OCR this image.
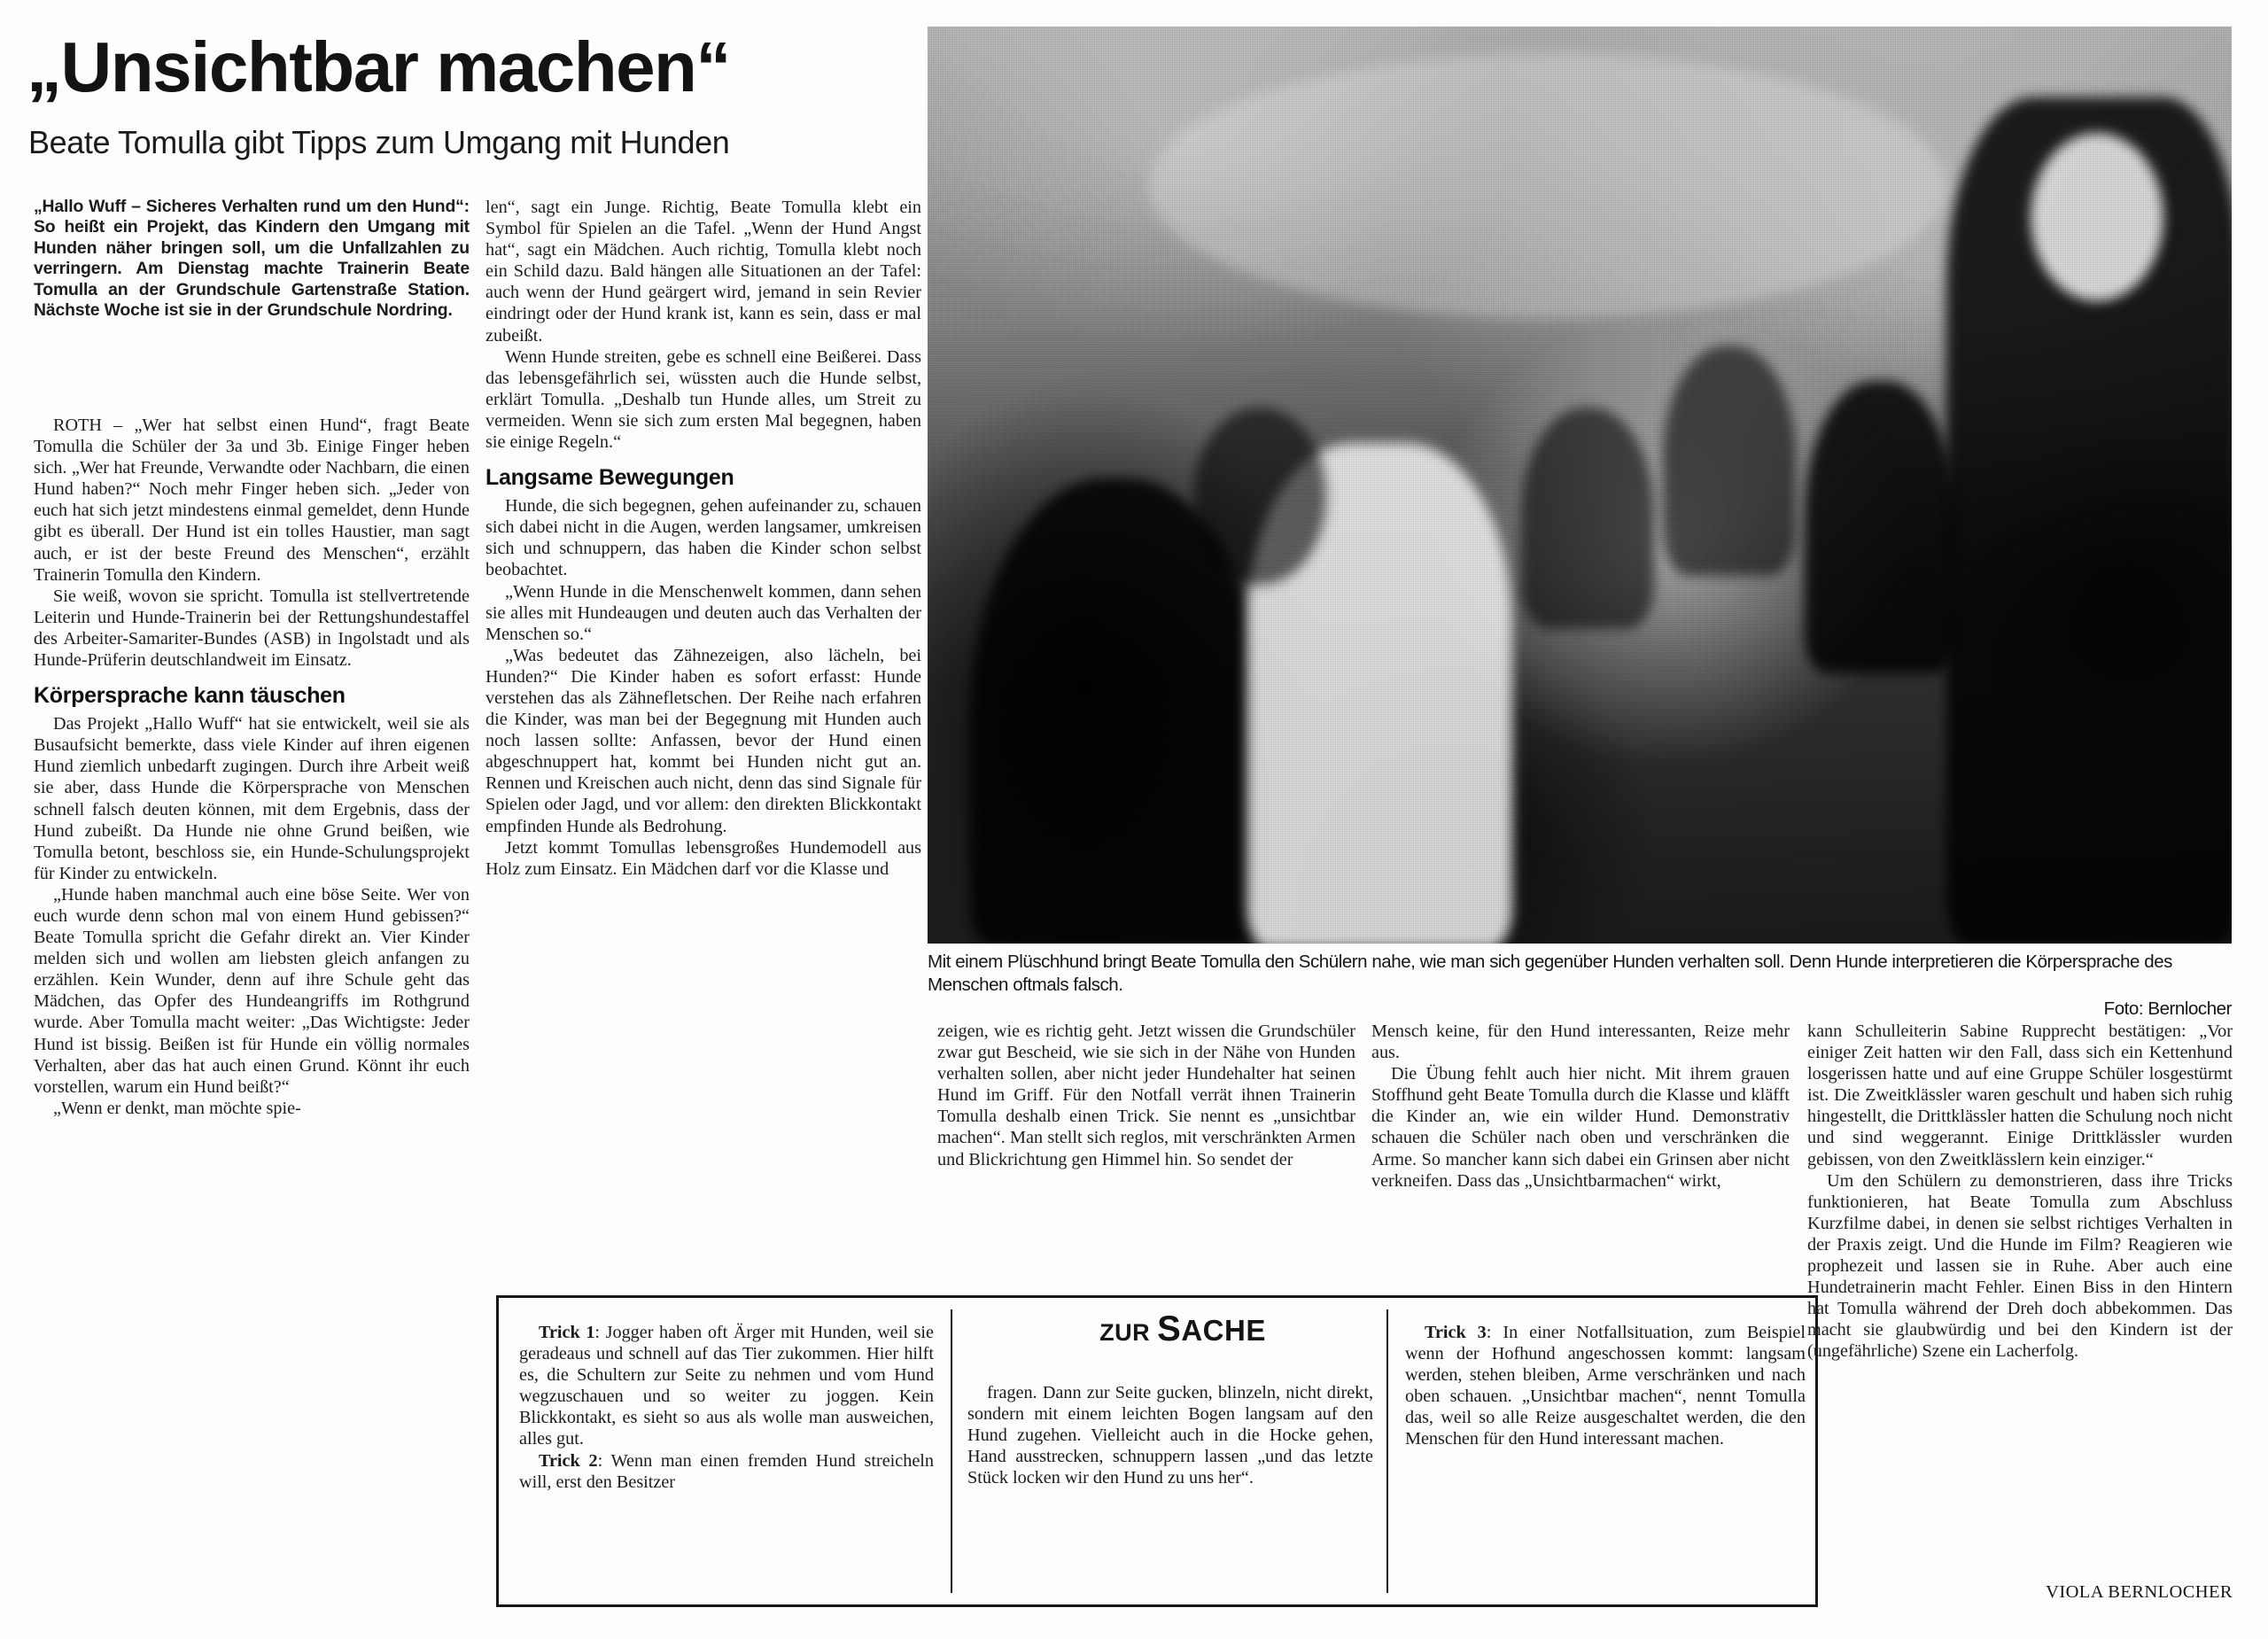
„Unsichtbar machen“
Beate Tomulla gibt Tipps zum Umgang mit Hunden
Mit einem Plüschhund bringt Beate Tomulla den Schülern nahe, wie man sich gegenüber Hunden verhalten soll. Denn Hunde interpretieren die Körpersprache des Menschen oftmals falsch.
Foto: Bernlocher

„Hallo Wuff – Sicheres Verhalten rund um den Hund“: So heißt ein Projekt, das Kindern den Umgang mit Hunden näher bringen soll, um die Unfallzahlen zu verringern. Am Dienstag machte Trainerin Beate Tomulla an der Grundschule Gartenstraße Station. Nächste Woche ist sie in der Grundschule Nordring.

ROTH – „Wer hat selbst einen Hund“, fragt Beate Tomulla die Schüler der 3a und 3b. Einige Finger heben sich. „Wer hat Freunde, Verwandte oder Nachbarn, die einen Hund haben?“ Noch mehr Finger heben sich. „Jeder von euch hat sich jetzt mindestens einmal gemeldet, denn Hunde gibt es überall. Der Hund ist ein tolles Haustier, man sagt auch, er ist der beste Freund des Menschen“, erzählt Trainerin Tomulla den Kindern.

Sie weiß, wovon sie spricht. Tomulla ist stellvertretende Leiterin und Hunde-Trainerin bei der Rettungshundestaffel des Arbeiter-Samariter-Bundes (ASB) in Ingolstadt und als Hunde-Prüferin deutschlandweit im Einsatz.

Körpersprache kann täuschen

Das Projekt „Hallo Wuff“ hat sie entwickelt, weil sie als Busaufsicht bemerkte, dass viele Kinder auf ihren eigenen Hund ziemlich unbedarft zugingen. Durch ihre Arbeit weiß sie aber, dass Hunde die Körpersprache von Menschen schnell falsch deuten können, mit dem Ergebnis, dass der Hund zubeißt. Da Hunde nie ohne Grund beißen, wie Tomulla betont, beschloss sie, ein Hunde-Schulungsprojekt für Kinder zu entwickeln.

„Hunde haben manchmal auch eine böse Seite. Wer von euch wurde denn schon mal von einem Hund gebissen?“ Beate Tomulla spricht die Gefahr direkt an. Vier Kinder melden sich und wollen am liebsten gleich anfangen zu erzählen. Kein Wunder, denn auf ihre Schule geht das Mädchen, das Opfer des Hundeangriffs im Rothgrund wurde. Aber Tomulla macht weiter: „Das Wichtigste: Jeder Hund ist bissig. Beißen ist für Hunde ein völlig normales Verhalten, aber das hat auch einen Grund. Könnt ihr euch vorstellen, warum ein Hund beißt?“

„Wenn er denkt, man möchte spie-

len“, sagt ein Junge. Richtig, Beate Tomulla klebt ein Symbol für Spielen an die Tafel. „Wenn der Hund Angst hat“, sagt ein Mädchen. Auch richtig, Tomulla klebt noch ein Schild dazu. Bald hängen alle Situationen an der Tafel: auch wenn der Hund geärgert wird, jemand in sein Revier eindringt oder der Hund krank ist, kann es sein, dass er mal zubeißt.

Wenn Hunde streiten, gebe es schnell eine Beißerei. Dass das lebensgefährlich sei, wüssten auch die Hunde selbst, erklärt Tomulla. „Deshalb tun Hunde alles, um Streit zu vermeiden. Wenn sie sich zum ersten Mal begegnen, haben sie einige Regeln.“

Langsame Bewegungen

Hunde, die sich begegnen, gehen aufeinander zu, schauen sich dabei nicht in die Augen, werden langsamer, umkreisen sich und schnuppern, das haben die Kinder schon selbst beobachtet.

„Wenn Hunde in die Menschenwelt kommen, dann sehen sie alles mit Hundeaugen und deuten auch das Verhalten der Menschen so.“

„Was bedeutet das Zähnezeigen, also lächeln, bei Hunden?“ Die Kinder haben es sofort erfasst: Hunde verstehen das als Zähnefletschen. Der Reihe nach erfahren die Kinder, was man bei der Begegnung mit Hunden auch noch lassen sollte: Anfassen, bevor der Hund einen abgeschnuppert hat, kommt bei Hunden nicht gut an. Rennen und Kreischen auch nicht, denn das sind Signale für Spielen oder Jagd, und vor allem: den direkten Blickkontakt empfinden Hunde als Bedrohung.

Jetzt kommt Tomullas lebensgroßes Hundemodell aus Holz zum Einsatz. Ein Mädchen darf vor die Klasse und

zeigen, wie es richtig geht. Jetzt wissen die Grundschüler zwar gut Bescheid, wie sie sich in der Nähe von Hunden verhalten sollen, aber nicht jeder Hundehalter hat seinen Hund im Griff. Für den Notfall verrät ihnen Trainerin Tomulla deshalb einen Trick. Sie nennt es „unsichtbar machen“. Man stellt sich reglos, mit verschränkten Armen und Blickrichtung gen Himmel hin. So sendet der

Mensch keine, für den Hund interessanten, Reize mehr aus.

Die Übung fehlt auch hier nicht. Mit ihrem grauen Stoffhund geht Beate Tomulla durch die Klasse und kläfft die Kinder an, wie ein wilder Hund. Demonstrativ schauen die Schüler nach oben und verschränken die Arme. So mancher kann sich dabei ein Grinsen aber nicht verkneifen. Dass das „Unsichtbarmachen“ wirkt,

kann Schulleiterin Sabine Rupprecht bestätigen: „Vor einiger Zeit hatten wir den Fall, dass sich ein Kettenhund losgerissen hatte und auf eine Gruppe Schüler losgestürmt ist. Die Zweitklässler waren geschult und haben sich ruhig hingestellt, die Drittklässler hatten die Schulung noch nicht und sind weggerannt. Einige Drittklässler wurden gebissen, von den Zweitklässlern kein einziger.“

Um den Schülern zu demonstrieren, dass ihre Tricks funktionieren, hat Beate Tomulla zum Abschluss Kurzfilme dabei, in denen sie selbst richtiges Verhalten in der Praxis zeigt. Und die Hunde im Film? Reagieren wie prophezeit und lassen sie in Ruhe. Aber auch eine Hundetrainerin macht Fehler. Einen Biss in den Hintern hat Tomulla während der Dreh doch abbekommen. Das macht sie glaubwürdig und bei den Kindern ist der (ungefährliche) Szene ein Lacherfolg.

VIOLA BERNLOCHER
ZUR SACHE

Trick 1: Jogger haben oft Ärger mit Hunden, weil sie geradeaus und schnell auf das Tier zukommen. Hier hilft es, die Schultern zur Seite zu nehmen und vom Hund wegzuschauen und so weiter zu joggen. Kein Blickkontakt, es sieht so aus als wolle man ausweichen, alles gut.

Trick 2: Wenn man einen fremden Hund streicheln will, erst den Besitzer

fragen. Dann zur Seite gucken, blinzeln, nicht direkt, sondern mit einem leichten Bogen langsam auf den Hund zugehen. Vielleicht auch in die Hocke gehen, Hand ausstrecken, schnuppern lassen „und das letzte Stück locken wir den Hund zu uns her“.

Trick 3: In einer Notfallsituation, zum Beispiel wenn der Hofhund angeschossen kommt: langsam werden, stehen bleiben, Arme verschränken und nach oben schauen. „Unsichtbar machen“, nennt Tomulla das, weil so alle Reize ausgeschaltet werden, die den Menschen für den Hund interessant machen.
